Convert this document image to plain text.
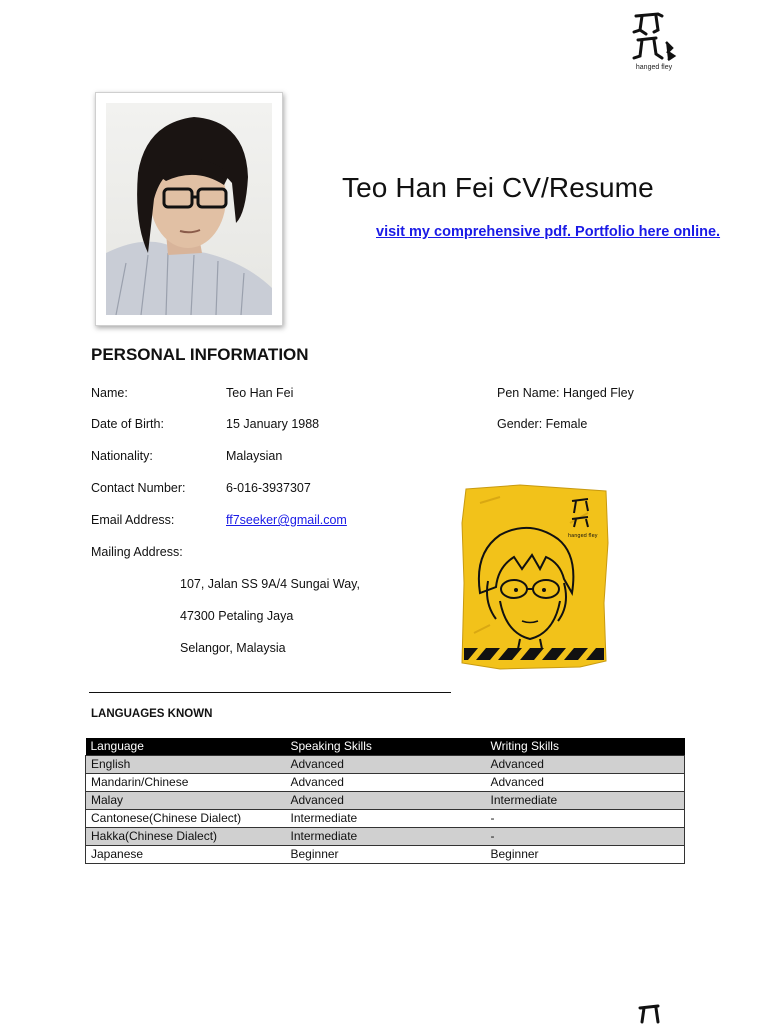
hanged fley
Teo Han Fei CV/Resume
visit my comprehensive pdf. Portfolio here online.
PERSONAL INFORMATION
Name:	Teo Han Fei	Pen Name: Hanged Fley
Date of Birth:	15 January 1988	Gender: Female
Nationality:	Malaysian
Contact Number:	6-016-3937307
Email Address:	ff7seeker@gmail.com
Mailing Address:
107, Jalan SS 9A/4 Sungai Way,
47300 Petaling Jaya
Selangor, Malaysia
hanged fley
LANGUAGES KNOWN
Language	Speaking Skills	Writing Skills
English	Advanced	Advanced
Mandarin/Chinese	Advanced	Advanced
Malay	Advanced	Intermediate
Cantonese(Chinese Dialect)	Intermediate	-
Hakka(Chinese Dialect)	Intermediate	-
Japanese	Beginner	Beginner
